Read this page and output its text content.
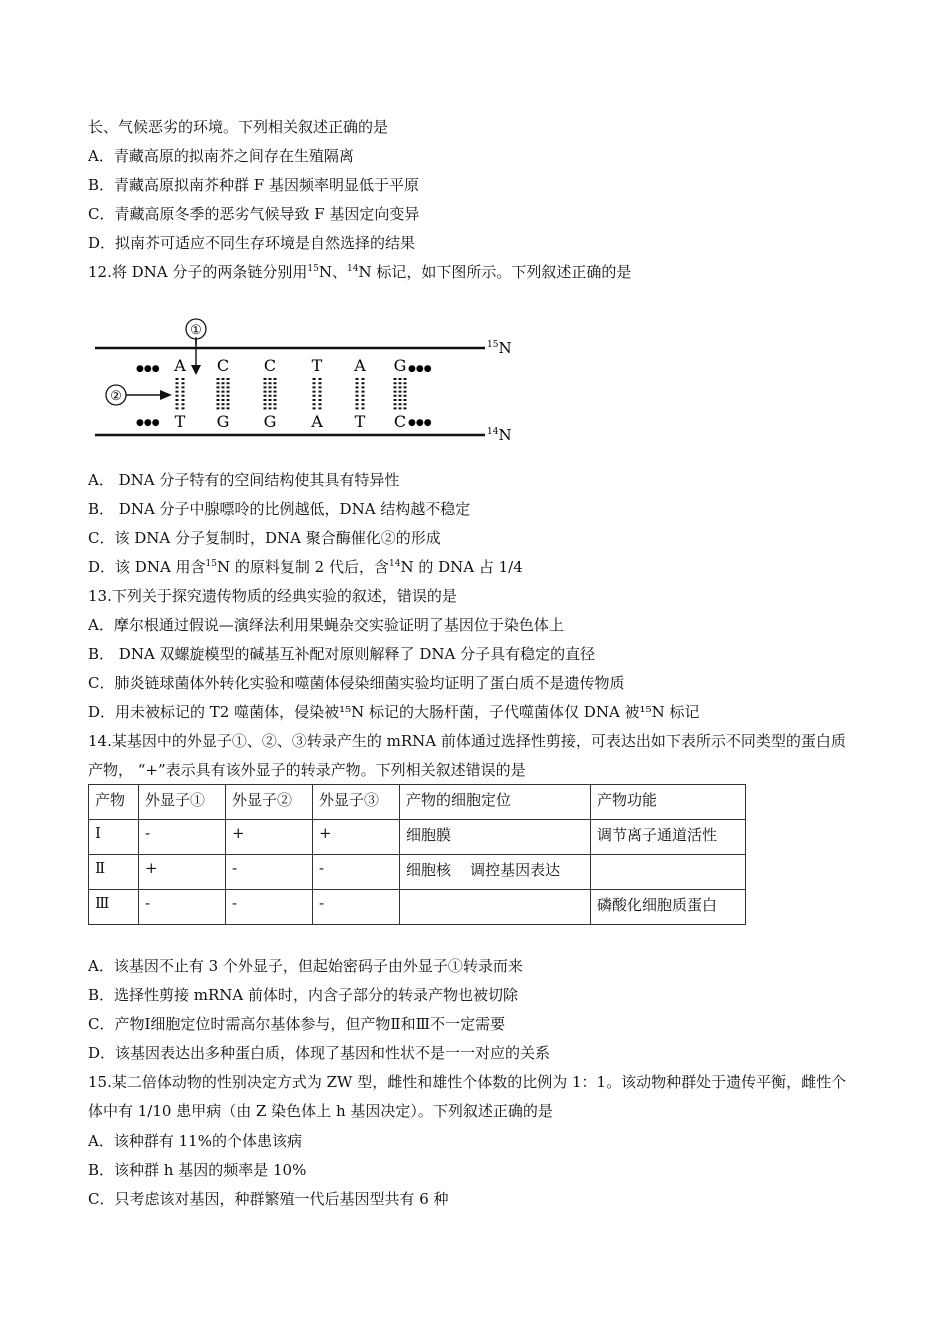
长、气候恶劣的环境。下列相关叙述正确的是
A．青藏高原的拟南芥之间存在生殖隔离
B．青藏高原拟南芥种群 F 基因频率明显低于平原
C．青藏高原冬季的恶劣气候导致 F 基因定向变异
D．拟南芥可适应不同生存环境是自然选择的结果
12.将 DNA 分子的两条链分别用$^{15}$N、$^{14}$N 标记，如下图所示。下列叙述正确的是
①
$^{15}$N
$^{14}$N
●●●	●●●
●●●	●●●
A C C T A G
T G G A T C
②
A． DNA 分子特有的空间结构使其具有特异性
B． DNA 分子中腺嘌呤的比例越低，DNA 结构越不稳定
C．该 DNA 分子复制时，DNA 聚合酶催化②的形成
D．该 DNA 用含$^{15}$N 的原料复制 2 代后，含$^{14}$N 的 DNA 占 1/4
13.下列关于探究遗传物质的经典实验的叙述，错误的是
A．摩尔根通过假说—演绎法利用果蝇杂交实验证明了基因位于染色体上
B． DNA 双螺旋模型的碱基互补配对原则解释了 DNA 分子具有稳定的直径
C．肺炎链球菌体外转化实验和噬菌体侵染细菌实验均证明了蛋白质不是遗传物质
D．用未被标记的 T2 噬菌体，侵染被¹⁵N 标记的大肠杆菌，子代噬菌体仅 DNA 被¹⁵N 标记
14.某基因中的外显子①、②、③转录产生的 mRNA 前体通过选择性剪接，可表达出如下表所示不同类型的蛋白质产物， “+”表示具有该外显子的转录产物。下列相关叙述错误的是
产物	外显子①	外显子②	外显子③	产物的细胞定位	产物功能
I	-	+	+	细胞膜	调节离子通道活性
Ⅱ	+	-	-	细胞核    调控基因表达	
Ⅲ	-	-	-		磷酸化细胞质蛋白
A．该基因不止有 3 个外显子，但起始密码子由外显子①转录而来
B．选择性剪接 mRNA 前体时，内含子部分的转录产物也被切除
C．产物Ⅰ细胞定位时需高尔基体参与，但产物Ⅱ和Ⅲ不一定需要
D．该基因表达出多种蛋白质，体现了基因和性状不是一一对应的关系
15.某二倍体动物的性别决定方式为 ZW 型，雌性和雄性个体数的比例为 1：1。该动物种群处于遗传平衡，雌性个体中有 1/10 患甲病（由 Z 染色体上 h 基因决定）。下列叙述正确的是
A．该种群有 11%的个体患该病
B．该种群 h 基因的频率是 10%
C．只考虑该对基因，种群繁殖一代后基因型共有 6 种
